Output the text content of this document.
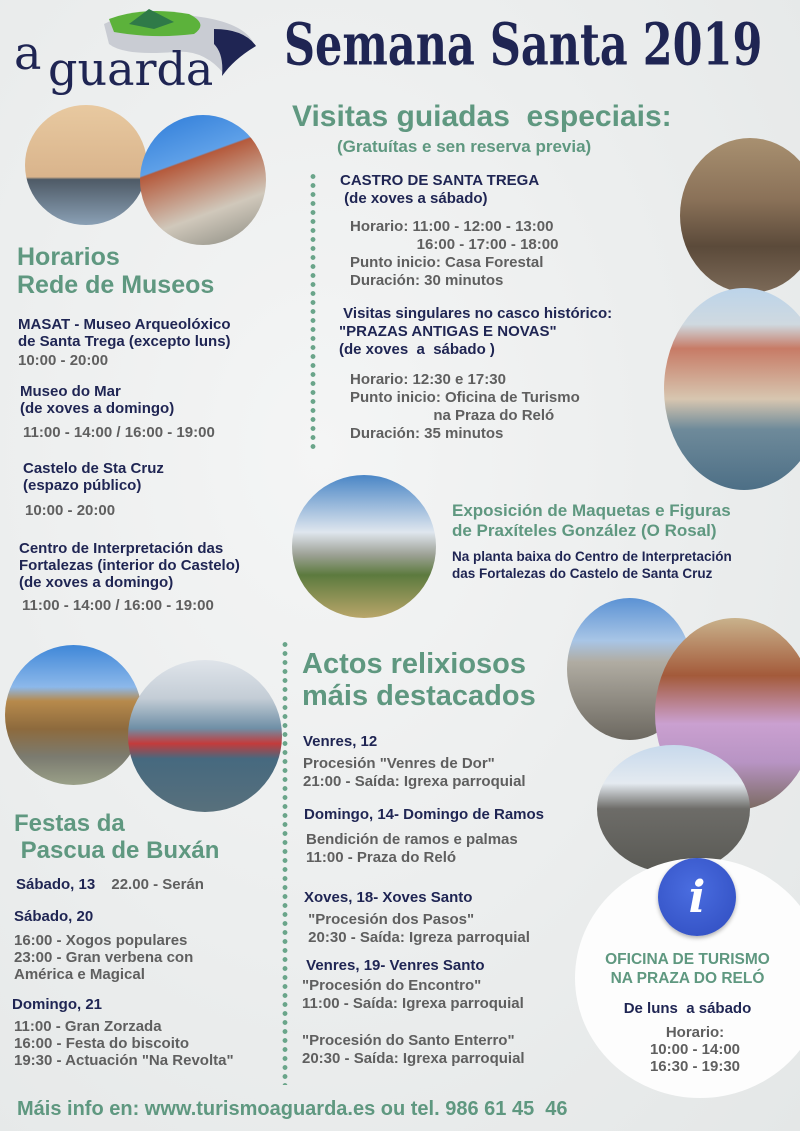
a guarda Semana Santa 2019
Visitas guiadas  especiais:
(Gratuítas e sen reserva previa)
CASTRO DE SANTA TREGA
(de xoves a sábado)
Horario: 11:00 - 12:00 - 13:00
16:00 - 17:00 - 18:00
Punto inicio: Casa Forestal
Duración: 30 minutos
Visitas singulares no casco histórico:
"PRAZAS ANTIGAS E NOVAS"
(de xoves  a  sábado )
Horario: 12:30 e 17:30
Punto inicio: Oficina de Turismo
na Praza do Reló
Duración: 35 minutos
Horarios
Rede de Museos
MASAT - Museo Arqueolóxico
de Santa Trega (excepto luns)
10:00 - 20:00
Museo do Mar
(de xoves a domingo)
11:00 - 14:00 / 16:00 - 19:00
Castelo de Sta Cruz
(espazo público)
10:00 - 20:00
Centro de Interpretación das
Fortalezas (interior do Castelo)
(de xoves a domingo)
11:00 - 14:00 / 16:00 - 19:00
Exposición de Maquetas e Figuras
de Praxíteles González (O Rosal)
Na planta baixa do Centro de Interpretación
das Fortalezas do Castelo de Santa Cruz
Actos relixiosos
máis destacados
Venres, 12
Procesión "Venres de Dor"
21:00 - Saída: Igrexa parroquial
Domingo, 14- Domingo de Ramos
Bendición de ramos e palmas
11:00 - Praza do Reló
Xoves, 18- Xoves Santo
"Procesión dos Pasos"
20:30 - Saída: Igreza parroquial
Venres, 19- Venres Santo
"Procesión do Encontro"
11:00 - Saída: Igrexa parroquial
"Procesión do Santo Enterro"
20:30 - Saída: Igrexa parroquial
i
OFICINA DE TURISMO
NA PRAZA DO RELÓ
De luns  a sábado
Horario:
10:00 - 14:00
16:30 - 19:30
Festas da
Pascua de Buxán
Sábado, 13 22.00 - Serán
Sábado, 20
16:00 - Xogos populares
23:00 - Gran verbena con
América e Magical
Domingo, 21
11:00 - Gran Zorzada
16:00 - Festa do biscoito
19:30 - Actuación "Na Revolta"
Máis info en: www.turismoaguarda.es ou tel. 986 61 45  46
